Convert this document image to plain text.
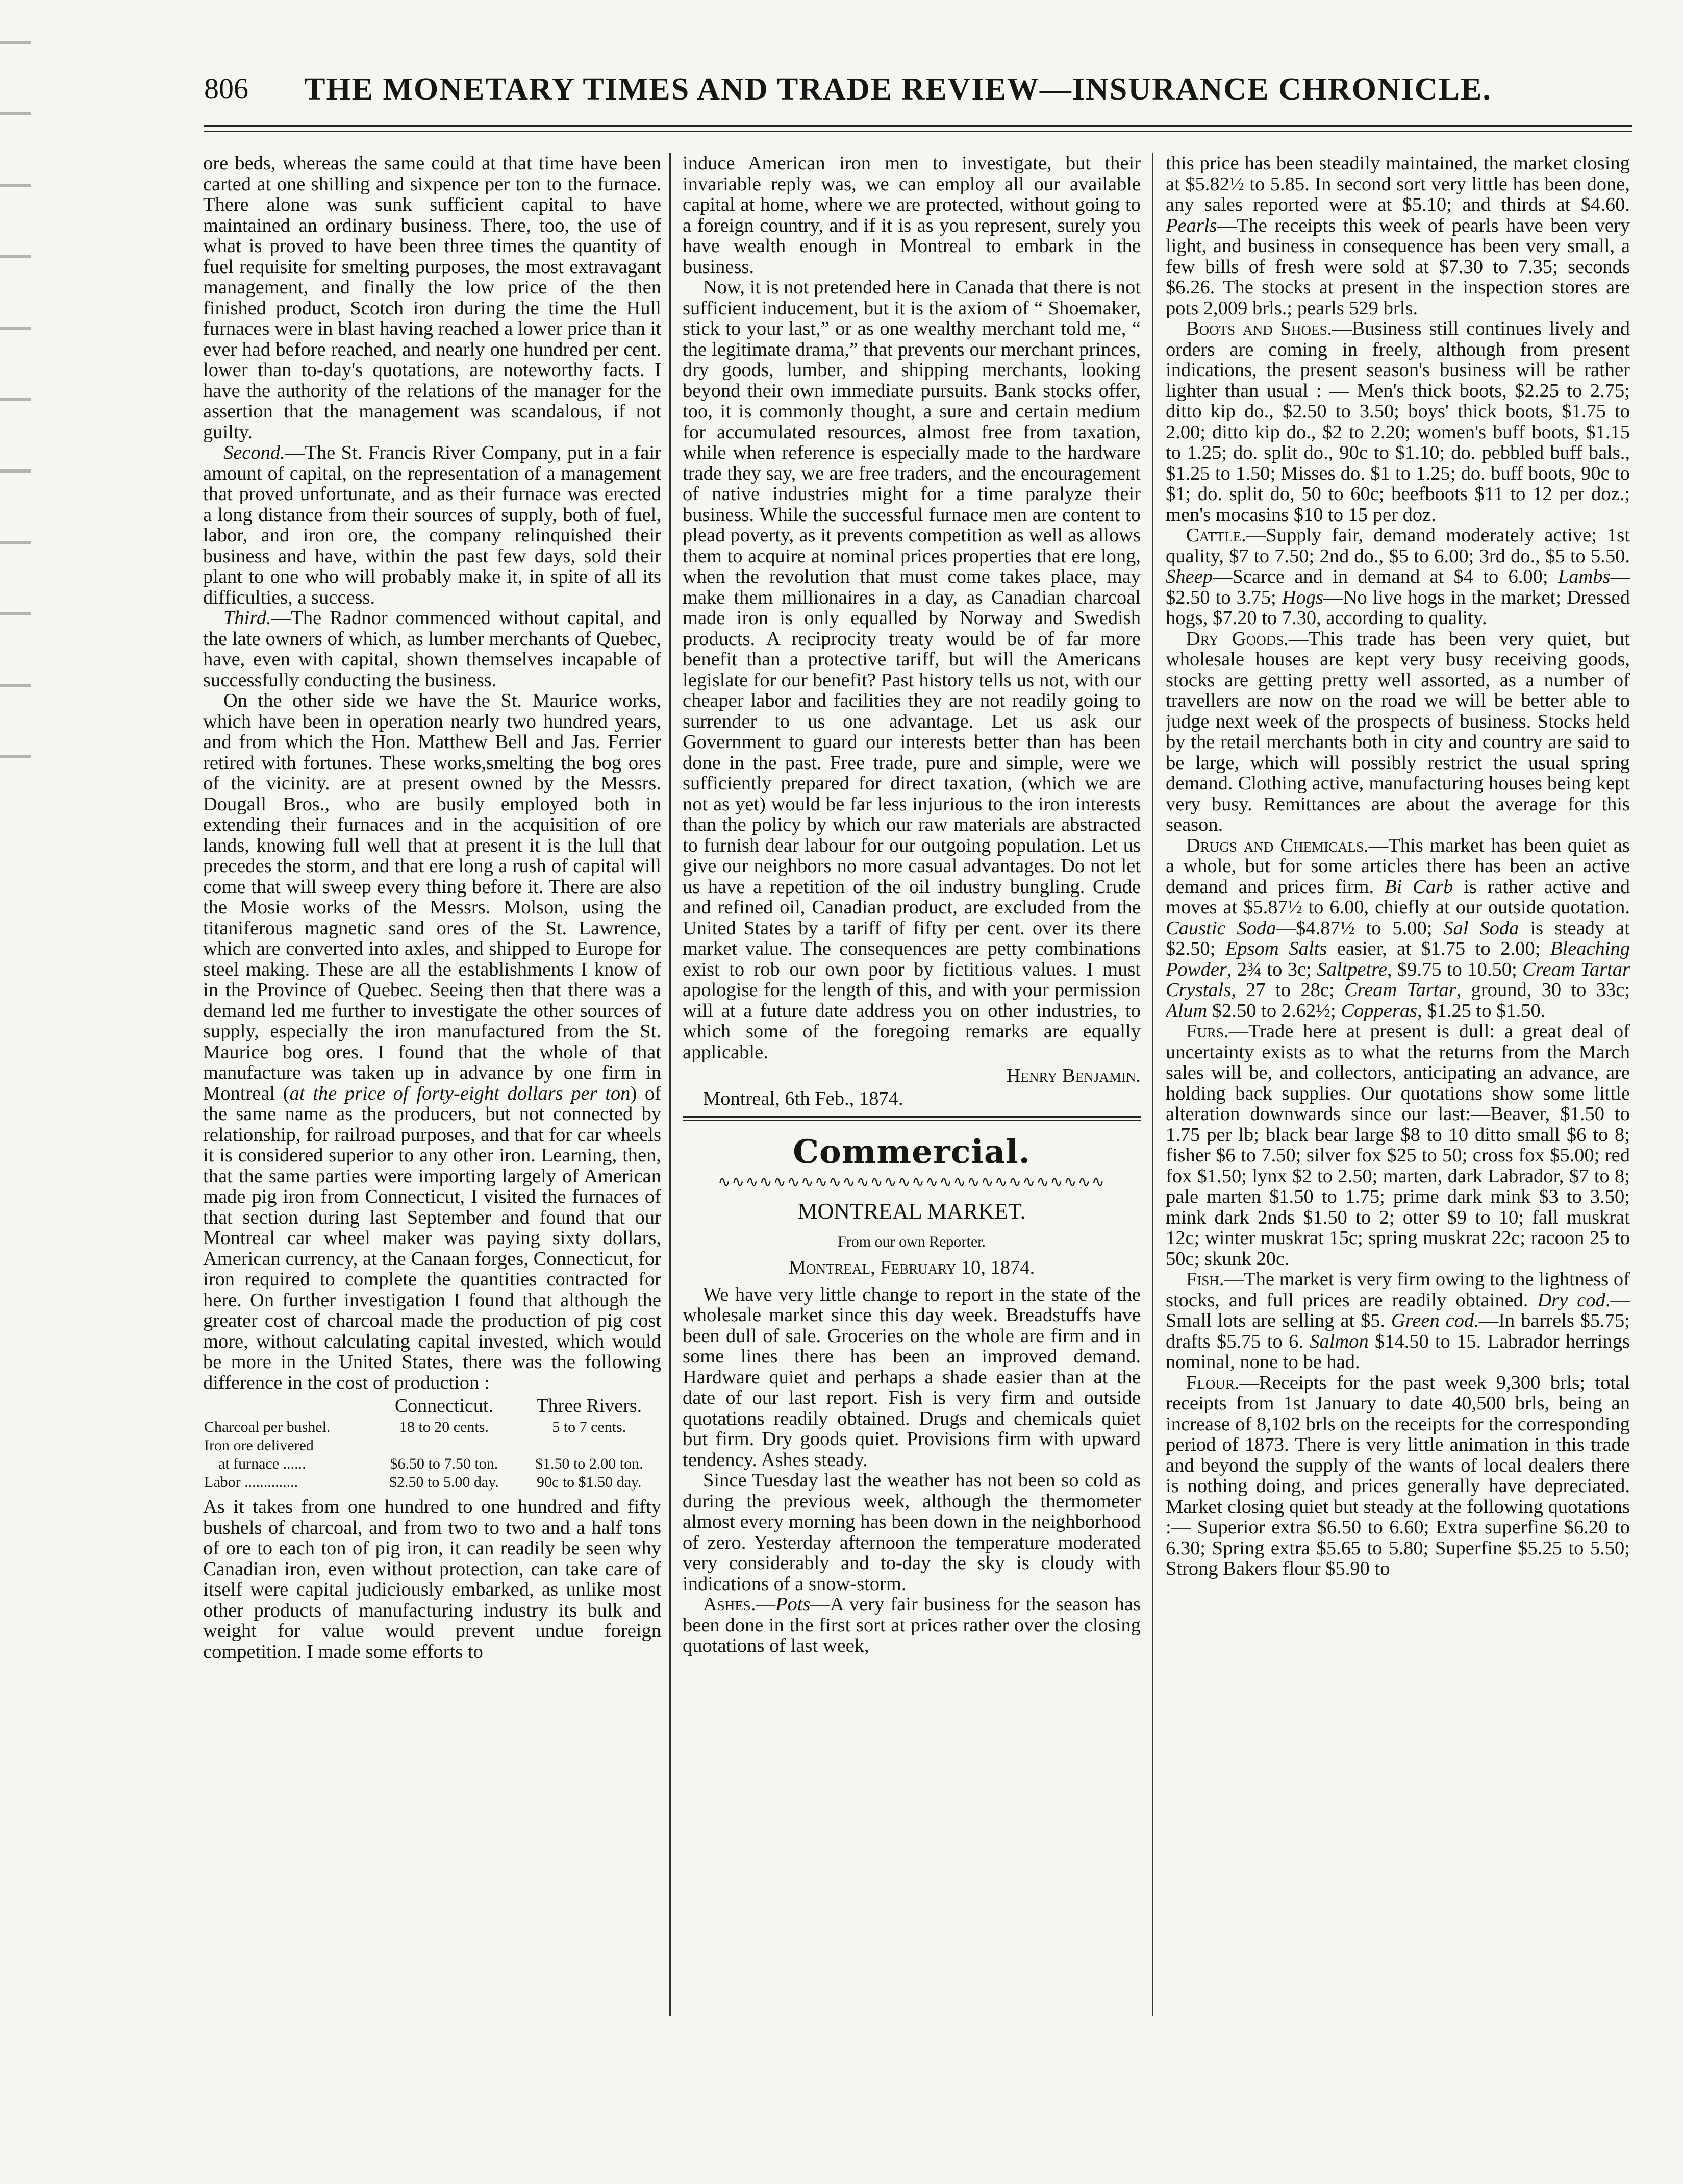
806	THE MONETARY TIMES AND TRADE REVIEW—INSURANCE CHRONICLE.

ore beds, whereas the same could at that time have been carted at one shilling and sixpence per ton to the furnace. There alone was sunk sufficient capital to have maintained an ordinary business. There, too, the use of what is proved to have been three times the quantity of fuel requisite for smelting purposes, the most extravagant management, and finally the low price of the then finished product, Scotch iron during the time the Hull furnaces were in blast having reached a lower price than it ever had before reached, and nearly one hundred per cent. lower than to-day's quotations, are noteworthy facts. I have the authority of the relations of the manager for the assertion that the management was scandalous, if not guilty.

Second.—The St. Francis River Company, put in a fair amount of capital, on the representation of a management that proved unfortunate, and as their furnace was erected a long distance from their sources of supply, both of fuel, labor, and iron ore, the company relinquished their business and have, within the past few days, sold their plant to one who will probably make it, in spite of all its difficulties, a success.

Third.—The Radnor commenced without capital, and the late owners of which, as lumber merchants of Quebec, have, even with capital, shown themselves incapable of successfully conducting the business.

On the other side we have the St. Maurice works, which have been in operation nearly two hundred years, and from which the Hon. Matthew Bell and Jas. Ferrier retired with fortunes. These works,smelting the bog ores of the vicinity. are at present owned by the Messrs. Dougall Bros., who are busily employed both in extending their furnaces and in the acquisition of ore lands, knowing full well that at present it is the lull that precedes the storm, and that ere long a rush of capital will come that will sweep every thing before it. There are also the Mosie works of the Messrs. Molson, using the titaniferous magnetic sand ores of the St. Lawrence, which are converted into axles, and shipped to Europe for steel making. These are all the establishments I know of in the Province of Quebec. Seeing then that there was a demand led me further to investigate the other sources of supply, especially the iron manufactured from the St. Maurice bog ores. I found that the whole of that manufacture was taken up in advance by one firm in Montreal (at the price of forty-eight dollars per ton) of the same name as the producers, but not connected by relationship, for railroad purposes, and that for car wheels it is considered superior to any other iron. Learning, then, that the same parties were importing largely of American made pig iron from Connecticut, I visited the furnaces of that section during last September and found that our Montreal car wheel maker was paying sixty dollars, American currency, at the Canaan forges, Connecticut, for iron required to complete the quantities contracted for here. On further investigation I found that although the greater cost of charcoal made the production of pig cost more, without calculating capital invested, which would be more in the United States, there was the following difference in the cost of production :

	Connecticut.	Three Rivers.
Charcoal per bushel.	18 to 20 cents.	5 to 7 cents.
Iron ore delivered		
at furnace ......	$6.50 to 7.50 ton.	$1.50 to 2.00 ton.
Labor ..............	$2.50 to 5.00 day.	90c to $1.50 day.

As it takes from one hundred to one hundred and fifty bushels of charcoal, and from two to two and a half tons of ore to each ton of pig iron, it can readily be seen why Canadian iron, even without protection, can take care of itself were capital judiciously embarked, as unlike most other products of manufacturing industry its bulk and weight for value would prevent undue foreign competition. I made some efforts to

induce American iron men to investigate, but their invariable reply was, we can employ all our available capital at home, where we are protected, without going to a foreign country, and if it is as you represent, surely you have wealth enough in Montreal to embark in the business.

Now, it is not pretended here in Canada that there is not sufficient inducement, but it is the axiom of “ Shoemaker, stick to your last,” or as one wealthy merchant told me, “ the legitimate drama,” that prevents our merchant princes, dry goods, lumber, and shipping merchants, looking beyond their own immediate pursuits. Bank stocks offer, too, it is commonly thought, a sure and certain medium for accumulated resources, almost free from taxation, while when reference is especially made to the hardware trade they say, we are free traders, and the encouragement of native industries might for a time paralyze their business. While the successful furnace men are content to plead poverty, as it prevents competition as well as allows them to acquire at nominal prices properties that ere long, when the revolution that must come takes place, may make them millionaires in a day, as Canadian charcoal made iron is only equalled by Norway and Swedish products. A reciprocity treaty would be of far more benefit than a protective tariff, but will the Americans legislate for our benefit? Past history tells us not, with our cheaper labor and facilities they are not readily going to surrender to us one advantage. Let us ask our Government to guard our interests better than has been done in the past. Free trade, pure and simple, were we sufficiently prepared for direct taxation, (which we are not as yet) would be far less injurious to the iron interests than the policy by which our raw materials are abstracted to furnish dear labour for our outgoing population. Let us give our neighbors no more casual advantages. Do not let us have a repetition of the oil industry bungling. Crude and refined oil, Canadian product, are excluded from the United States by a tariff of fifty per cent. over its there market value. The consequences are petty combinations exist to rob our own poor by fictitious values. I must apologise for the length of this, and with your permission will at a future date address you on other industries, to which some of the foregoing remarks are equally applicable.

Henry Benjamin.

Montreal, 6th Feb., 1874.

Commercial.
∿∿∿∿∿∿∿∿∿∿∿∿∿∿∿∿∿∿∿∿∿∿∿∿∿∿∿∿
MONTREAL MARKET.
From our own Reporter.
Montreal, February 10, 1874.

We have very little change to report in the state of the wholesale market since this day week. Breadstuffs have been dull of sale. Groceries on the whole are firm and in some lines there has been an improved demand. Hardware quiet and perhaps a shade easier than at the date of our last report. Fish is very firm and outside quotations readily obtained. Drugs and chemicals quiet but firm. Dry goods quiet. Provisions firm with upward tendency. Ashes steady.

Since Tuesday last the weather has not been so cold as during the previous week, although the thermometer almost every morning has been down in the neighborhood of zero. Yesterday afternoon the temperature moderated very considerably and to-day the sky is cloudy with indications of a snow-storm.

Ashes.—Pots—A very fair business for the season has been done in the first sort at prices rather over the closing quotations of last week,

this price has been steadily maintained, the market closing at $5.82½ to 5.85. In second sort very little has been done, any sales reported were at $5.10; and thirds at $4.60. Pearls—The receipts this week of pearls have been very light, and business in consequence has been very small, a few bills of fresh were sold at $7.30 to 7.35; seconds $6.26. The stocks at present in the inspection stores are pots 2,009 brls.; pearls 529 brls.

Boots and Shoes.—Business still continues lively and orders are coming in freely, although from present indications, the present season's business will be rather lighter than usual : — Men's thick boots, $2.25 to 2.75; ditto kip do., $2.50 to 3.50; boys' thick boots, $1.75 to 2.00; ditto kip do., $2 to 2.20; women's buff boots, $1.15 to 1.25; do. split do., 90c to $1.10; do. pebbled buff bals., $1.25 to 1.50; Misses do. $1 to 1.25; do. buff boots, 90c to $1; do. split do, 50 to 60c; beefboots $11 to 12 per doz.; men's mocasins $10 to 15 per doz.

Cattle.—Supply fair, demand moderately active; 1st quality, $7 to 7.50; 2nd do., $5 to 6.00; 3rd do., $5 to 5.50. Sheep—Scarce and in demand at $4 to 6.00; Lambs—$2.50 to 3.75; Hogs—No live hogs in the market; Dressed hogs, $7.20 to 7.30, according to quality.

Dry Goods.—This trade has been very quiet, but wholesale houses are kept very busy receiving goods, stocks are getting pretty well assorted, as a number of travellers are now on the road we will be better able to judge next week of the prospects of business. Stocks held by the retail merchants both in city and country are said to be large, which will possibly restrict the usual spring demand. Clothing active, manufacturing houses being kept very busy. Remittances are about the average for this season.

Drugs and Chemicals.—This market has been quiet as a whole, but for some articles there has been an active demand and prices firm. Bi Carb is rather active and moves at $5.87½ to 6.00, chiefly at our outside quotation. Caustic Soda—$4.87½ to 5.00; Sal Soda is steady at $2.50; Epsom Salts easier, at $1.75 to 2.00; Bleaching Powder, 2¾ to 3c; Saltpetre, $9.75 to 10.50; Cream Tartar Crystals, 27 to 28c; Cream Tartar, ground, 30 to 33c; Alum $2.50 to 2.62½; Copperas, $1.25 to $1.50.

Furs.—Trade here at present is dull: a great deal of uncertainty exists as to what the returns from the March sales will be, and collectors, anticipating an advance, are holding back supplies. Our quotations show some little alteration downwards since our last:—Beaver, $1.50 to 1.75 per lb; black bear large $8 to 10 ditto small $6 to 8; fisher $6 to 7.50; silver fox $25 to 50; cross fox $5.00; red fox $1.50; lynx $2 to 2.50; marten, dark Labrador, $7 to 8; pale marten $1.50 to 1.75; prime dark mink $3 to 3.50; mink dark 2nds $1.50 to 2; otter $9 to 10; fall muskrat 12c; winter muskrat 15c; spring muskrat 22c; racoon 25 to 50c; skunk 20c.

Fish.—The market is very firm owing to the lightness of stocks, and full prices are readily obtained. Dry cod.—Small lots are selling at $5. Green cod.—In barrels $5.75; drafts $5.75 to 6. Salmon $14.50 to 15. Labrador herrings nominal, none to be had.

Flour.—Receipts for the past week 9,300 brls; total receipts from 1st January to date 40,500 brls, being an increase of 8,102 brls on the receipts for the corresponding period of 1873. There is very little animation in this trade and beyond the supply of the wants of local dealers there is nothing doing, and prices generally have depreciated. Market closing quiet but steady at the following quotations :— Superior extra $6.50 to 6.60; Extra superfine $6.20 to 6.30; Spring extra $5.65 to 5.80; Superfine $5.25 to 5.50; Strong Bakers flour $5.90 to
